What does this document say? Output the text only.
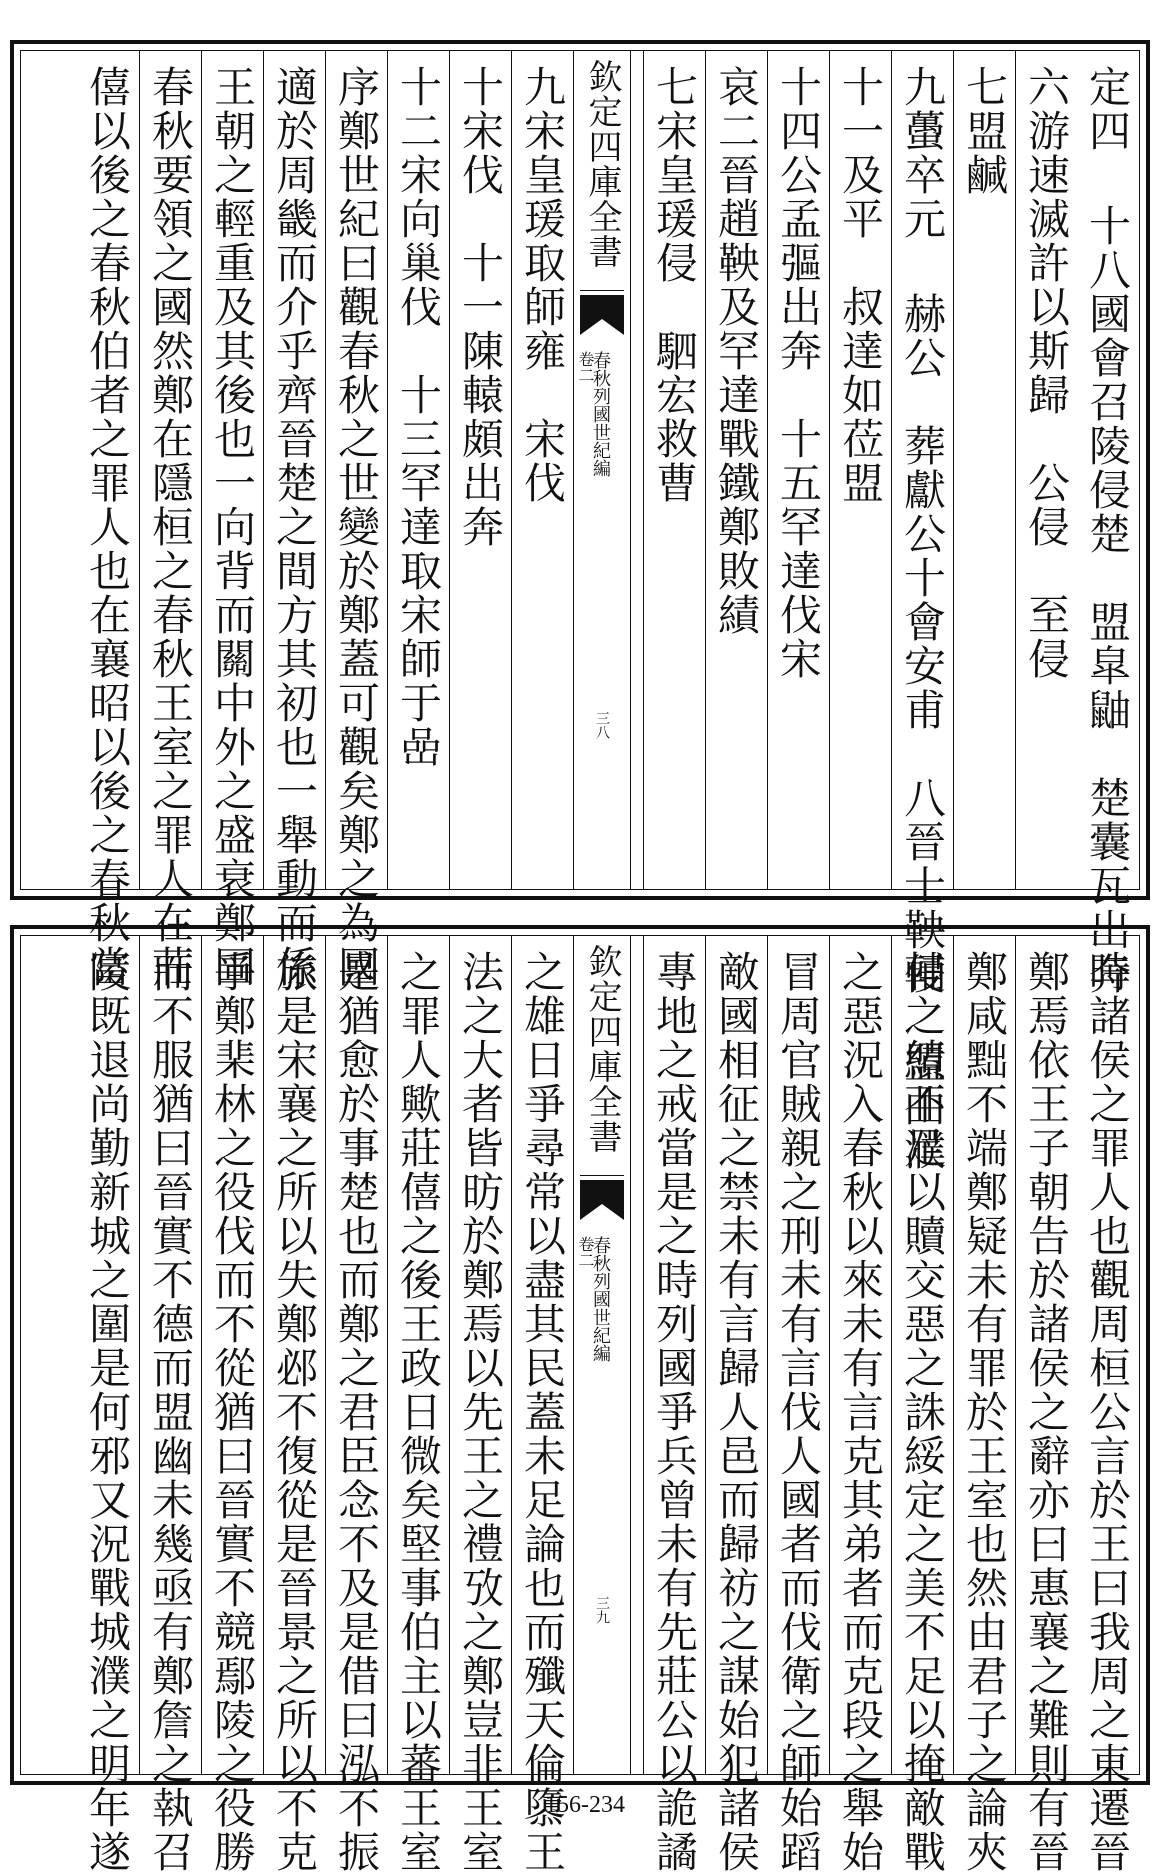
定四 十八國會召陵侵楚　盟皐鼬　楚囊瓦出奔
六游速滅許以斯歸　公侵　至侵
七盟鹹
九蠆卒元 赫公　葬獻公十會安甫　八晉士鞅侵　盟曲濮
十一及平　叔達如莅盟
十四公孟彄出奔　十五罕達伐宋
哀二晉趙鞅及罕達戰鐵鄭敗績
七宋皇瑗侵　駟宏救曹
欽定四庫全書
春秋列國世紀編
卷二
三八
九宋皇瑗取師雍　宋伐
十宋伐　十一陳轅頗出奔
十二宋向巢伐　十三罕達取宋師于嵒
序鄭世紀曰觀春秋之世變於鄭蓋可觀矣鄭之為國
適於周畿而介乎齊晉楚之間方其初也一舉動而係
王朝之輕重及其後也一向背而關中外之盛衰鄭固
春秋要領之國然鄭在隱桓之春秋王室之罪人在莊
僖以後之春秋伯者之罪人也在襄昭以後之春秋當
時諸侯之罪人也觀周桓公言於王曰我周之東遷晉
鄭焉依王子朝告於諸侯之辭亦曰惠襄之難則有晉
鄭咸黜不端鄭疑未有罪於王室也然由君子之論夾
輔之績不足以贖交惡之誅綏定之美不足以掩敵戰
之惡況入春秋以來未有言克其弟者而克段之舉始
冒周官賊親之刑未有言伐人國者而伐衛之師始蹈
敵國相征之禁未有言歸人邑而歸祊之謀始犯諸侯
專地之戒當是之時列國爭兵曾未有先莊公以詭譎
欽定四庫全書
春秋列國世紀編
卷二
三九
之雄日爭尋常以盡其民蓋未足論也而殲天倫隳王
法之大者皆昉於鄭焉以先王之禮攷之鄭豈非王室
之罪人歟莊僖之後王政日微矣堅事伯主以蕃王室
是猶愈於事楚也而鄭之君臣念不及是借曰泓不振
旅是宋襄之所以失鄭邲不復從是晉景之所以不克
爭鄭棐林之役伐而不從猶曰晉實不競鄢陵之役勝
而不服猶曰晉實不德而盟幽未幾亟有鄭詹之執召
陵既退尚勤新城之圍是何邪又況戰城濮之明年遂	156-234
